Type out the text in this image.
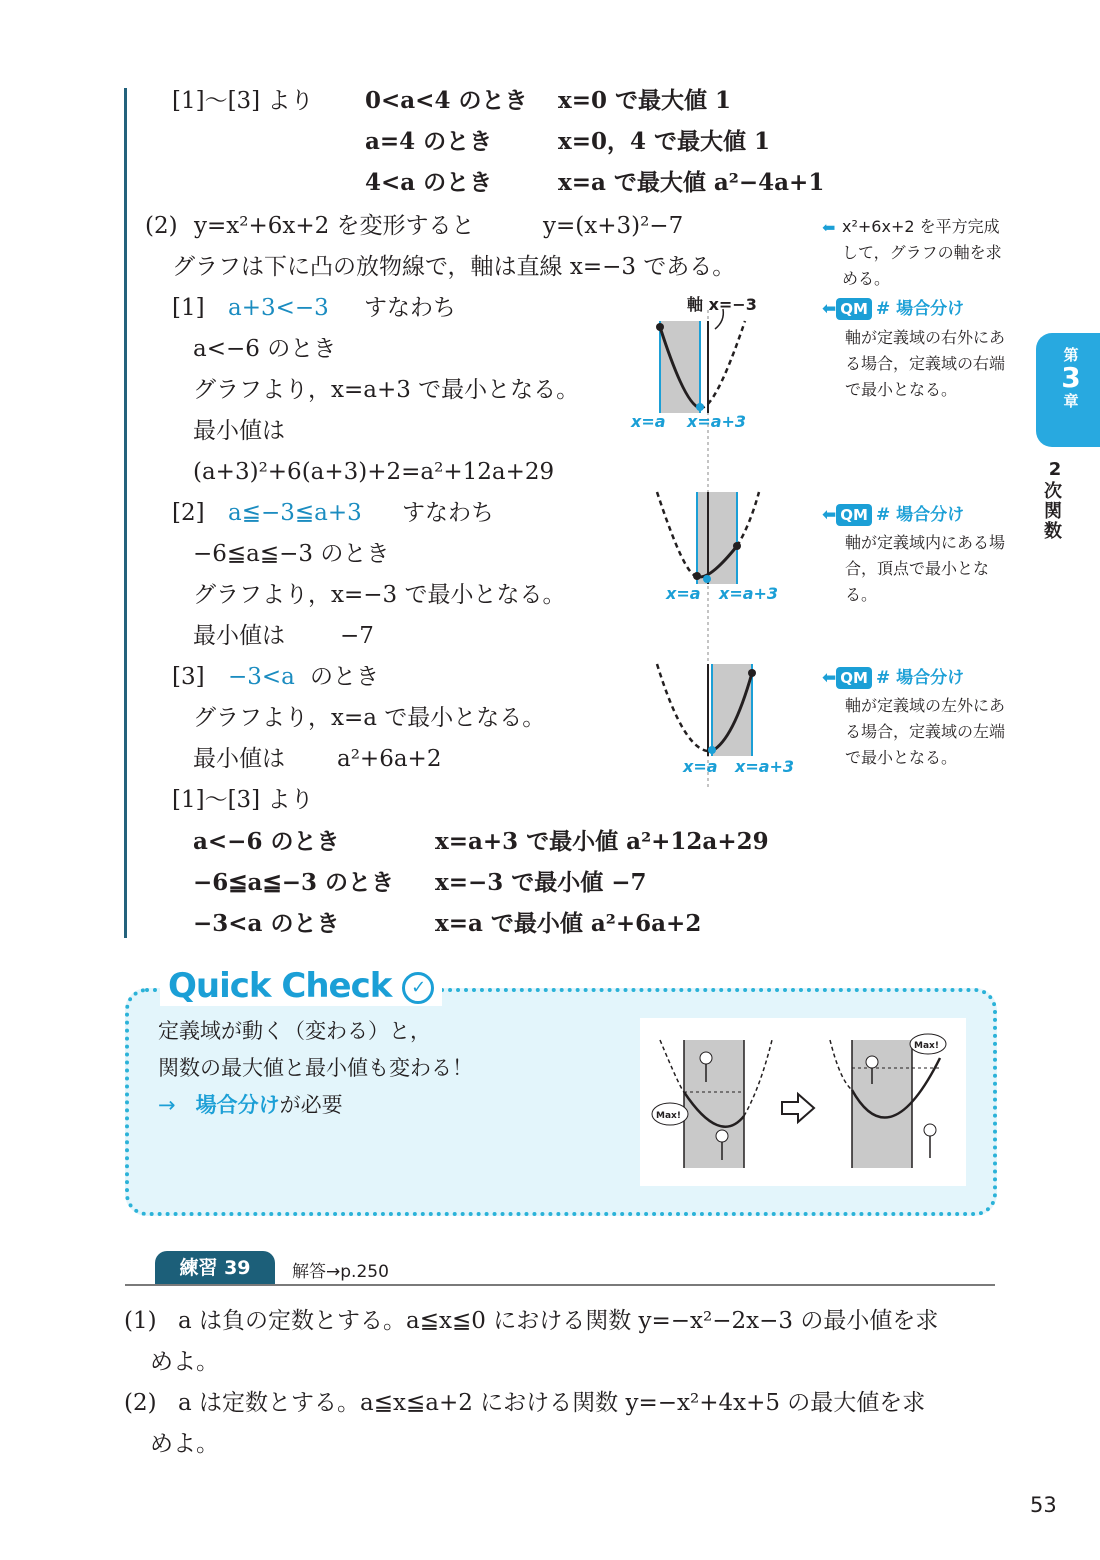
[1]～[3] より 0<a<4 のとき x=0 で最大値 1
a=4 のとき	x=0，4 で最大値 1
4<a のとき	x=a で最大値 a²−4a+1
(2) y=x²+6x+2 を変形すると	y=(x+3)²−7
グラフは下に凸の放物線で，軸は直線 x=−3 である。
[1] a+3<−3 すなわち
a<−6 のとき
グラフより，x=a+3 で最小となる。
最小値は
(a+3)²+6(a+3)+2=a²+12a+29
[2] a≦−3≦a+3 すなわち
−6≦a≦−3 のとき
グラフより，x=−3 で最小となる。
最小値は −7
[3] −3<a のとき
グラフより，x=a で最小となる。
最小値は a²+6a+2
[1]～[3] より
a<−6 のとき	x=a+3 で最小値 a²+12a+29
−6≦a≦−3 のとき x=−3 で最小値 −7
−3<a のとき	x=a で最小値 a²+6a+2
軸 x=−3
x=a x=a+3
x=a x=a+3
x=a x=a+3
⬅ x²+6x+2 を平方完成して，グラフの軸を求める。
⬅ QM # 場合分け
軸が定義域の右外にある場合，定義域の右端で最小となる。
⬅ QM # 場合分け
軸が定義域内にある場合，頂点で最小となる。
⬅ QM # 場合分け
軸が定義域の左外にある場合，定義域の左端で最小となる。
第
3
章
2
次関数
Quick Check ✓
定義域が動く（変わる）と，
関数の最大値と最小値も変わる！
→ 場合分けが必要	Max!
Max!
練習 39	解答→p.250
(1) a は負の定数とする。a≦x≦0 における関数 y=−x²−2x−3 の最小値を求
めよ。
(2) a は定数とする。a≦x≦a+2 における関数 y=−x²+4x+5 の最大値を求
めよ。
53
